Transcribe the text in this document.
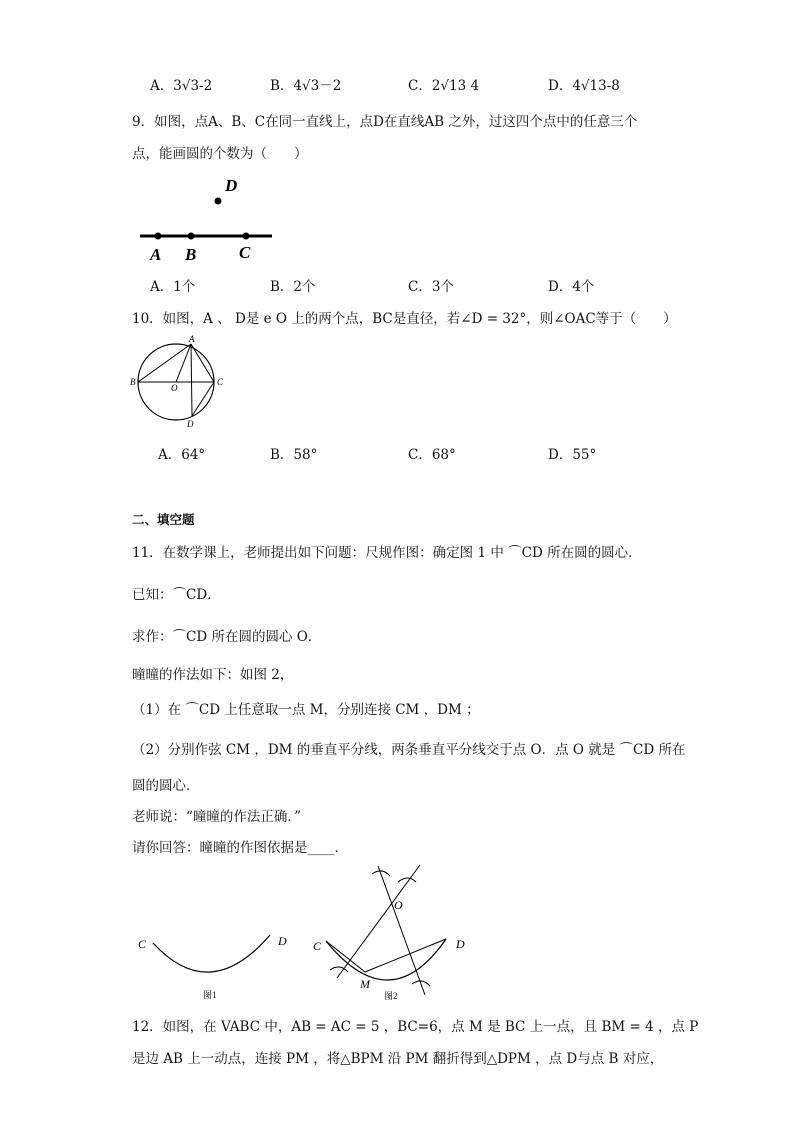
A．3√3-2	B．4√3－2	C．2√13 4	D．4√13-8
9．如图，点A、B、C在同一直线上，点D在直线AB 之外，过这四个点中的任意三个
点，能画圆的个数为（　　）
A B	C
D
A．1个	B．2个	C．3个	D．4个
10．如图，A 、 D是 e O 上的两个点，BC是直径，若∠D = 32°，则∠OAC等于（　　）
A
B	C
D
O
A．64°	B．58°	C．68°	D．55°
二、填空题
11．在数学课上，老师提出如下问题：尺规作图：确定图 1 中 ⌒CD 所在圆的圆心．
已知：⌒CD．
求作：⌒CD 所在圆的圆心 O．
曈曈的作法如下：如图 2，
（1）在 ⌒CD 上任意取一点 M，分别连接 CM ，DM ；
（2）分别作弦 CM ，DM 的垂直平分线，两条垂直平分线交于点 O．点 O 就是 ⌒CD 所在
圆的圆心．
老师说：“曈曈的作法正确．”
请你回答：曈曈的作图依据是____．
C	D
图1
C	D
O
M
图2
12．如图，在 VABC 中，AB = AC = 5 ，BC=6，点 M 是 BC 上一点，且 BM = 4 ，点 P
是边 AB 上一动点，连接 PM ，将△BPM 沿 PM 翻折得到△DPM ，点 D与点 B 对应，
